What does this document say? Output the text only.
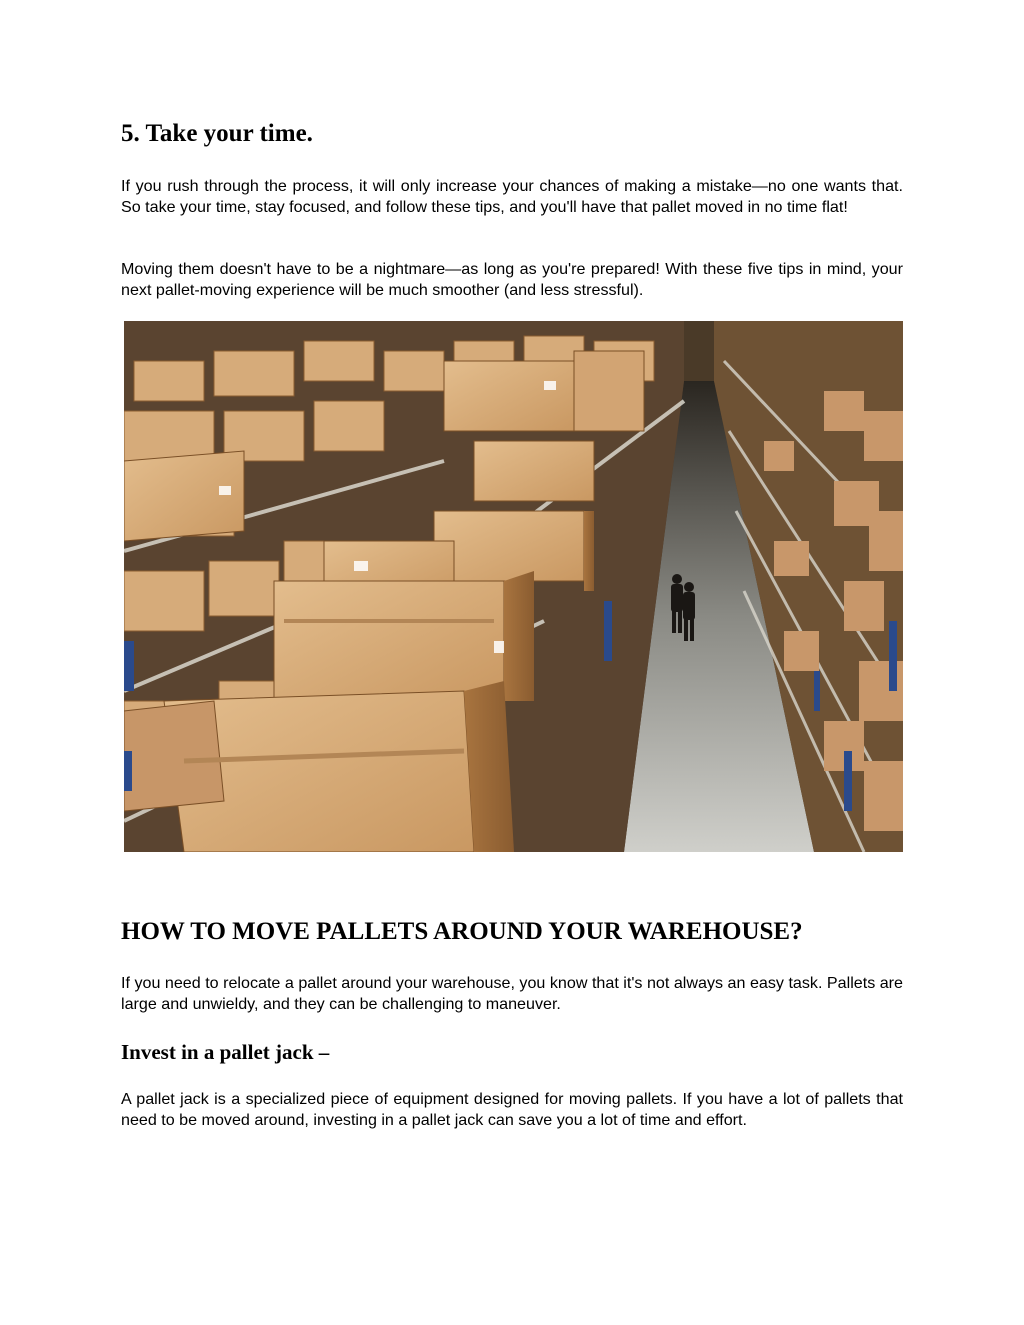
5. Take your time.

If you rush through the process, it will only increase your chances of making a mistake—no one wants that. So take your time, stay focused, and follow these tips, and you'll have that pallet moved in no time flat!

Moving them doesn't have to be a nightmare—as long as you're prepared! With these five tips in mind, your next pallet-moving experience will be much smoother (and less stressful).

HOW TO MOVE PALLETS AROUND YOUR WAREHOUSE?

If you need to relocate a pallet around your warehouse, you know that it's not always an easy task. Pallets are large and unwieldy, and they can be challenging to maneuver.

Invest in a pallet jack –

A pallet jack is a specialized piece of equipment designed for moving pallets. If you have a lot of pallets that need to be moved around, investing in a pallet jack can save you a lot of time and effort.
